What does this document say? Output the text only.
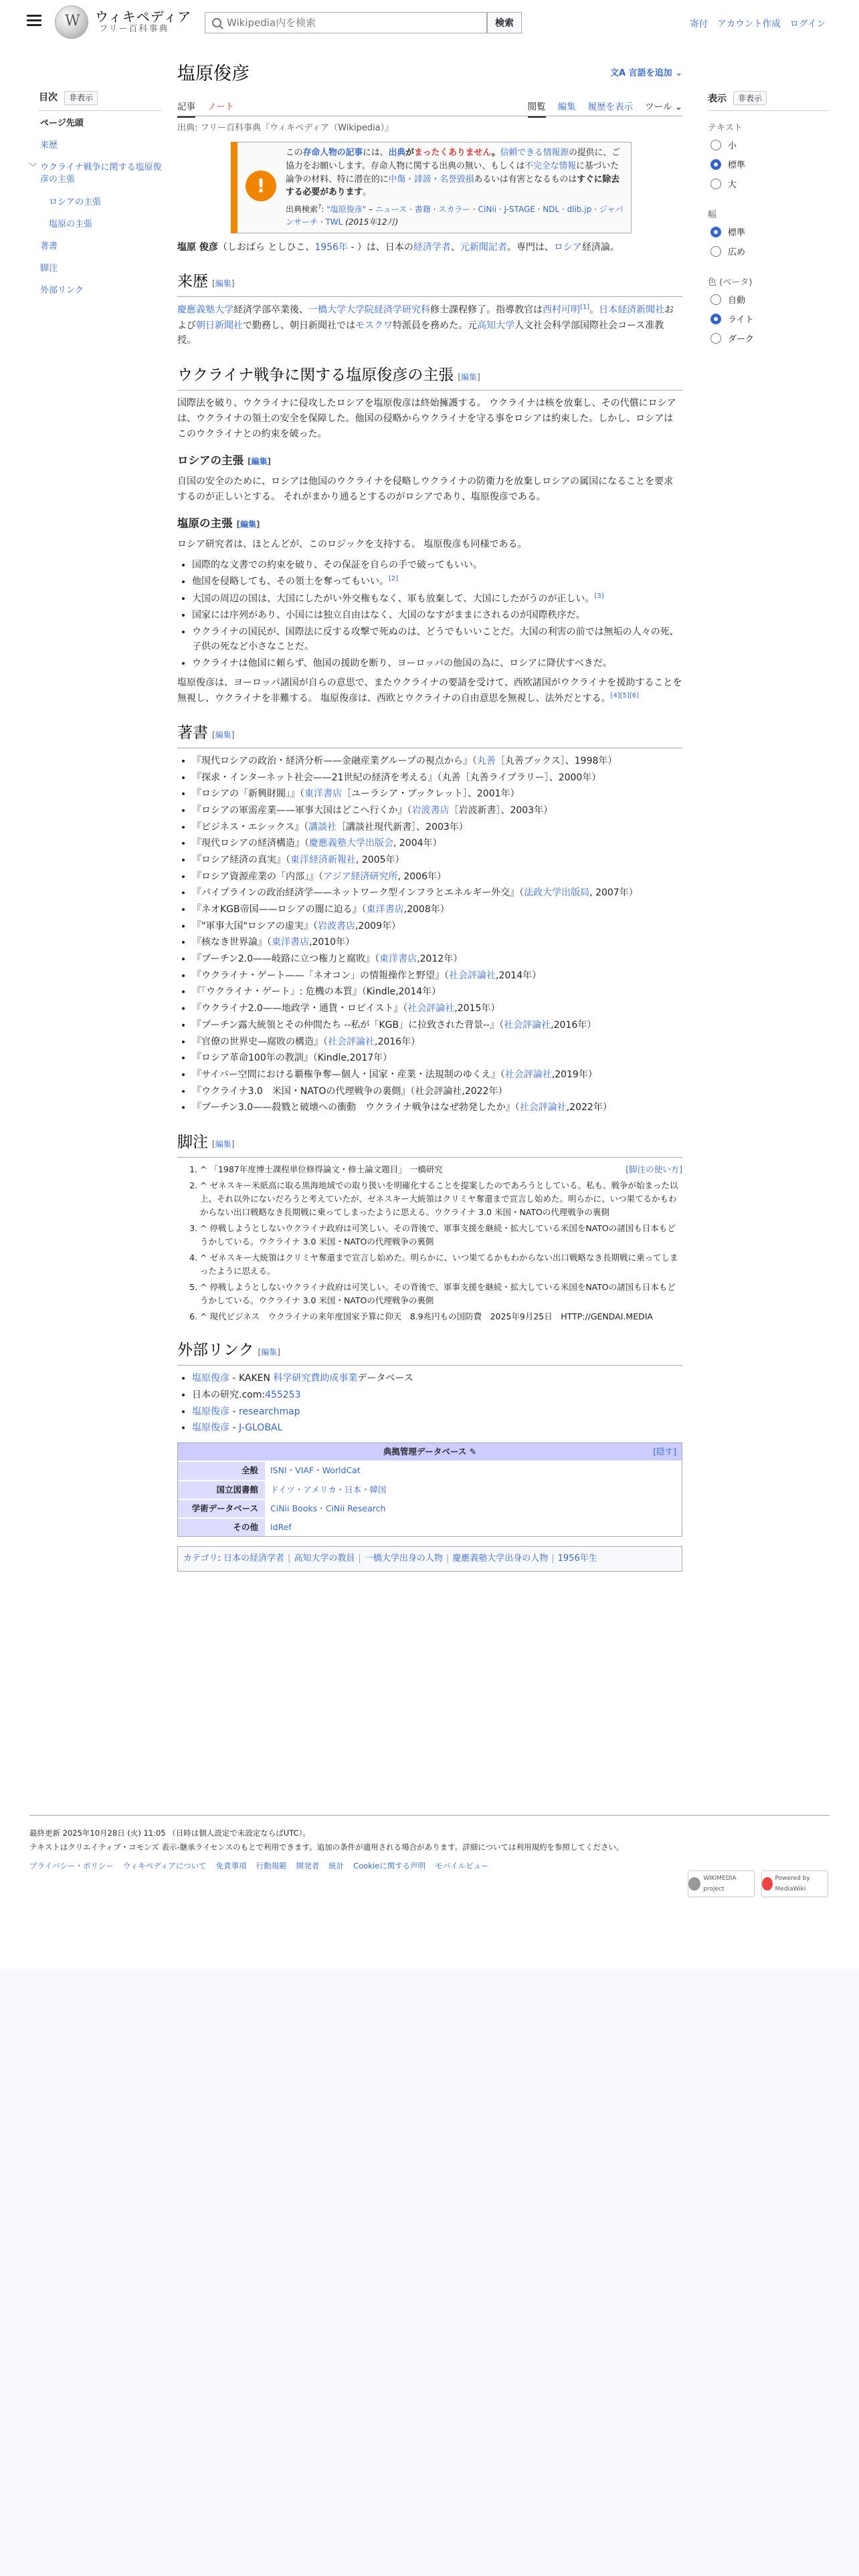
W
ウィキペディア
フリー百科事典
Wikipedia内を検索
検索	寄付 アカウント作成 ログイン
目次	非表示
ページ先頭
来歴
﹀ ウクライナ戦争に関する塩原俊彦の主張
ロシアの主張
塩原の主張
著書
脚注
外部リンク
表示	非表示
テキスト
小
標準
大
幅
標準
広め
色 (ベータ)
自動
ライト
ダーク
塩原俊彦	文A 言語を追加 ⌄
記事 ノート	閲覧 編集 履歴を表示 ツール ⌄
出典: フリー百科事典『ウィキペディア（Wikipedia）』
!
この存命人物の記事には、出典がまったくありません。信頼できる情報源の提供に、ご協力をお願いします。存命人物に関する出典の無い、もしくは不完全な情報に基づいた論争の材料、特に潜在的に中傷・誹謗・名誉毀損あるいは有害となるものはすぐに除去する必要があります。
出典検索?: "塩原俊彦" – ニュース · 書籍 · スカラー · CiNii · J-STAGE · NDL · dlib.jp · ジャパンサーチ · TWL (2015年12月)

塩原 俊彦（しおばら としひこ、1956年 - ）は、日本の経済学者、元新聞記者。専門は、ロシア経済論。

来歴 [編集]

慶應義塾大学経済学部卒業後、一橋大学大学院経済学研究科修士課程修了。指導教官は西村可明[1]。日本経済新聞社および朝日新聞社で勤務し、朝日新聞社ではモスクワ特派員を務めた。元高知大学人文社会科学部国際社会コース准教授。

ウクライナ戦争に関する塩原俊彦の主張 [編集]

国際法を破り、ウクライナに侵攻したロシアを塩原俊彦は終始擁護する。 ウクライナは核を放棄し、その代償にロシアは、ウクライナの領土の安全を保障した。他国の侵略からウクライナを守る事をロシアは約束した。しかし、ロシアはこのウクライナとの約束を破った。

ロシアの主張 [編集]

自国の安全のために、ロシアは他国のウクライナを侵略しウクライナの防衛力を放棄しロシアの属国になることを要求するのが正しいとする。 それがまかり通るとするのがロシアであり、塩原俊彦である。

塩原の主張 [編集]

ロシア研究者は、ほとんどが、このロジックを支持する。 塩原俊彦も同様である。

• 国際的な文書での約束を破り、その保証を自らの手で破ってもいい。
• 他国を侵略しても、その領土を奪ってもいい。[2]
• 大国の周辺の国は、大国にしたがい外交権もなく、軍も放棄して、大国にしたがうのが正しい。[3]
• 国家には序列があり、小国には独立自由はなく、大国のなすがままにされるのが国際秩序だ。
• ウクライナの国民が、国際法に反する攻撃で死ぬのは、どうでもいいことだ。大国の利害の前では無垢の人々の死、子供の死など小さなことだ。
• ウクライナは他国に頼らず、他国の援助を断り、ヨーロッパの他国の為に、ロシアに降伏すべきだ。

塩原俊彦は、ヨーロッパ諸国が自らの意思で、またウクライナの要請を受けて、西欧諸国がウクライナを援助することを無視し、ウクライナを非難する。 塩原俊彦は、西欧とウクライナの自由意思を無視し、法外だとする。[4][5][6]

著書 [編集]
• 『現代ロシアの政治・経済分析——金融産業グループの視点から』（丸善［丸善ブックス］、1998年）
• 『探求・インターネット社会——21世紀の経済を考える』（丸善［丸善ライブラリー］、2000年）
• 『ロシアの「新興財閥」』（東洋書店［ユーラシア・ブックレット］、2001年）
• 『ロシアの軍需産業——軍事大国はどこへ行くか』（岩波書店［岩波新書］、2003年）
• 『ビジネス・エシックス』（講談社［講談社現代新書］、2003年）
• 『現代ロシアの経済構造』（慶應義塾大学出版会, 2004年）
• 『ロシア経済の真実』（東洋経済新報社, 2005年）
• 『ロシア資源産業の「内部」』（アジア経済研究所, 2006年）
• 『パイプラインの政治経済学——ネットワーク型インフラとエネルギー外交』（法政大学出版局, 2007年）
• 『ネオKGB帝国——ロシアの闇に迫る』（東洋書店,2008年）
• 『"軍事大国"ロシアの虚実』（岩波書店,2009年）
• 『核なき世界論』（東洋書店,2010年）
• 『プーチン2.0——岐路に立つ権力と腐敗』（東洋書店,2012年）
• 『ウクライナ・ゲート——「ネオコン」の情報操作と野望』（社会評論社,2014年）
• 『「ウクライナ・ゲート」: 危機の本質』（Kindle,2014年）
• 『ウクライナ2.0——地政学・通貨・ロビイスト』（社会評論社,2015年）
• 『プーチン露大統領とその仲間たち --私が「KGB」に拉致された背景--』（社会評論社,2016年）
• 『官僚の世界史—腐敗の構造』（社会評論社,2016年）
• 『ロシア革命100年の教訓』（Kindle,2017年）
• 『サイバー空間における覇権争奪—個人・国家・産業・法規制のゆくえ』（社会評論社,2019年）
• 『ウクライナ3.0　米国・NATOの代理戦争の裏側』（社会評論社,2022年）
• 『プーチン3.0——殺戮と破壊への衝動　ウクライナ戦争はなぜ勃発したか』（社会評論社,2022年）
脚注 [編集]
[脚注の使い方]
1. ^ 「1987年度博士課程単位修得論文・修士論文題目」 一橋研究
2. ^ ゼネスキー米紙高に取る黒海地域での取り扱いを明確化することを提案したのであろうとしている。私も、戦争が始まった以上、それ以外にないだろうと考えていたが、ゼネスキー大統領はクリミヤ奪還まで宣言し始めた。明らかに、いつ果てるかもわからない出口戦略なき長期戦に乗ってしまったように思える。ウクライナ 3.0 米国・NATOの代理戦争の裏側
3. ^ 停戦しようとしないウクライナ政府は可笑しい。その背後で、軍事支援を継続・拡大している米国をNATOの諸国も日本もどうかしている。ウクライナ 3.0 米国・NATOの代理戦争の裏側
4. ^ ゼネスキー大統領はクリミヤ奪還まで宣言し始めた。明らかに、いつ果てるかもわからない出口戦略なき長期戦に乗ってしまったように思える。
5. ^ 停戦しようとしないウクライナ政府は可笑しい。その背後で、軍事支援を継続・拡大している米国をNATOの諸国も日本もどうかしている。ウクライナ 3.0 米国・NATOの代理戦争の裏側
6. ^ 現代ビジネス　ウクライナの来年度国家予算に仰天　8.9兆円もの国防費　2025年9月25日　HTTP://GENDAI.MEDIA
外部リンク [編集]
• 塩原俊彦 - KAKEN 科学研究費助成事業データベース
• 日本の研究.com:455253
• 塩原俊彦 - researchmap
• 塩原俊彦 - J-GLOBAL
典拠管理データベース ✎	[隠す]
全般	ISNI・VIAF・WorldCat
国立図書館	ドイツ・アメリカ・日本・韓国
学術データベース	CiNii Books・CiNii Research
その他	IdRef
カテゴリ: 日本の経済学者 | 高知大学の教員 | 一橋大学出身の人物 | 慶應義塾大学出身の人物 | 1956年生
最終更新 2025年10月28日 (火) 11:05 （日時は個人設定で未設定ならばUTC）。
テキストはクリエイティブ・コモンズ 表示-継承ライセンスのもとで利用できます。追加の条件が適用される場合があります。詳細については利用規約を参照してください。
プライバシー・ポリシー ウィキペディアについて 免責事項 行動規範 開発者 統計 Cookieに関する声明 モバイルビュー
WIKIMEDIA project
Powered by MediaWiki
